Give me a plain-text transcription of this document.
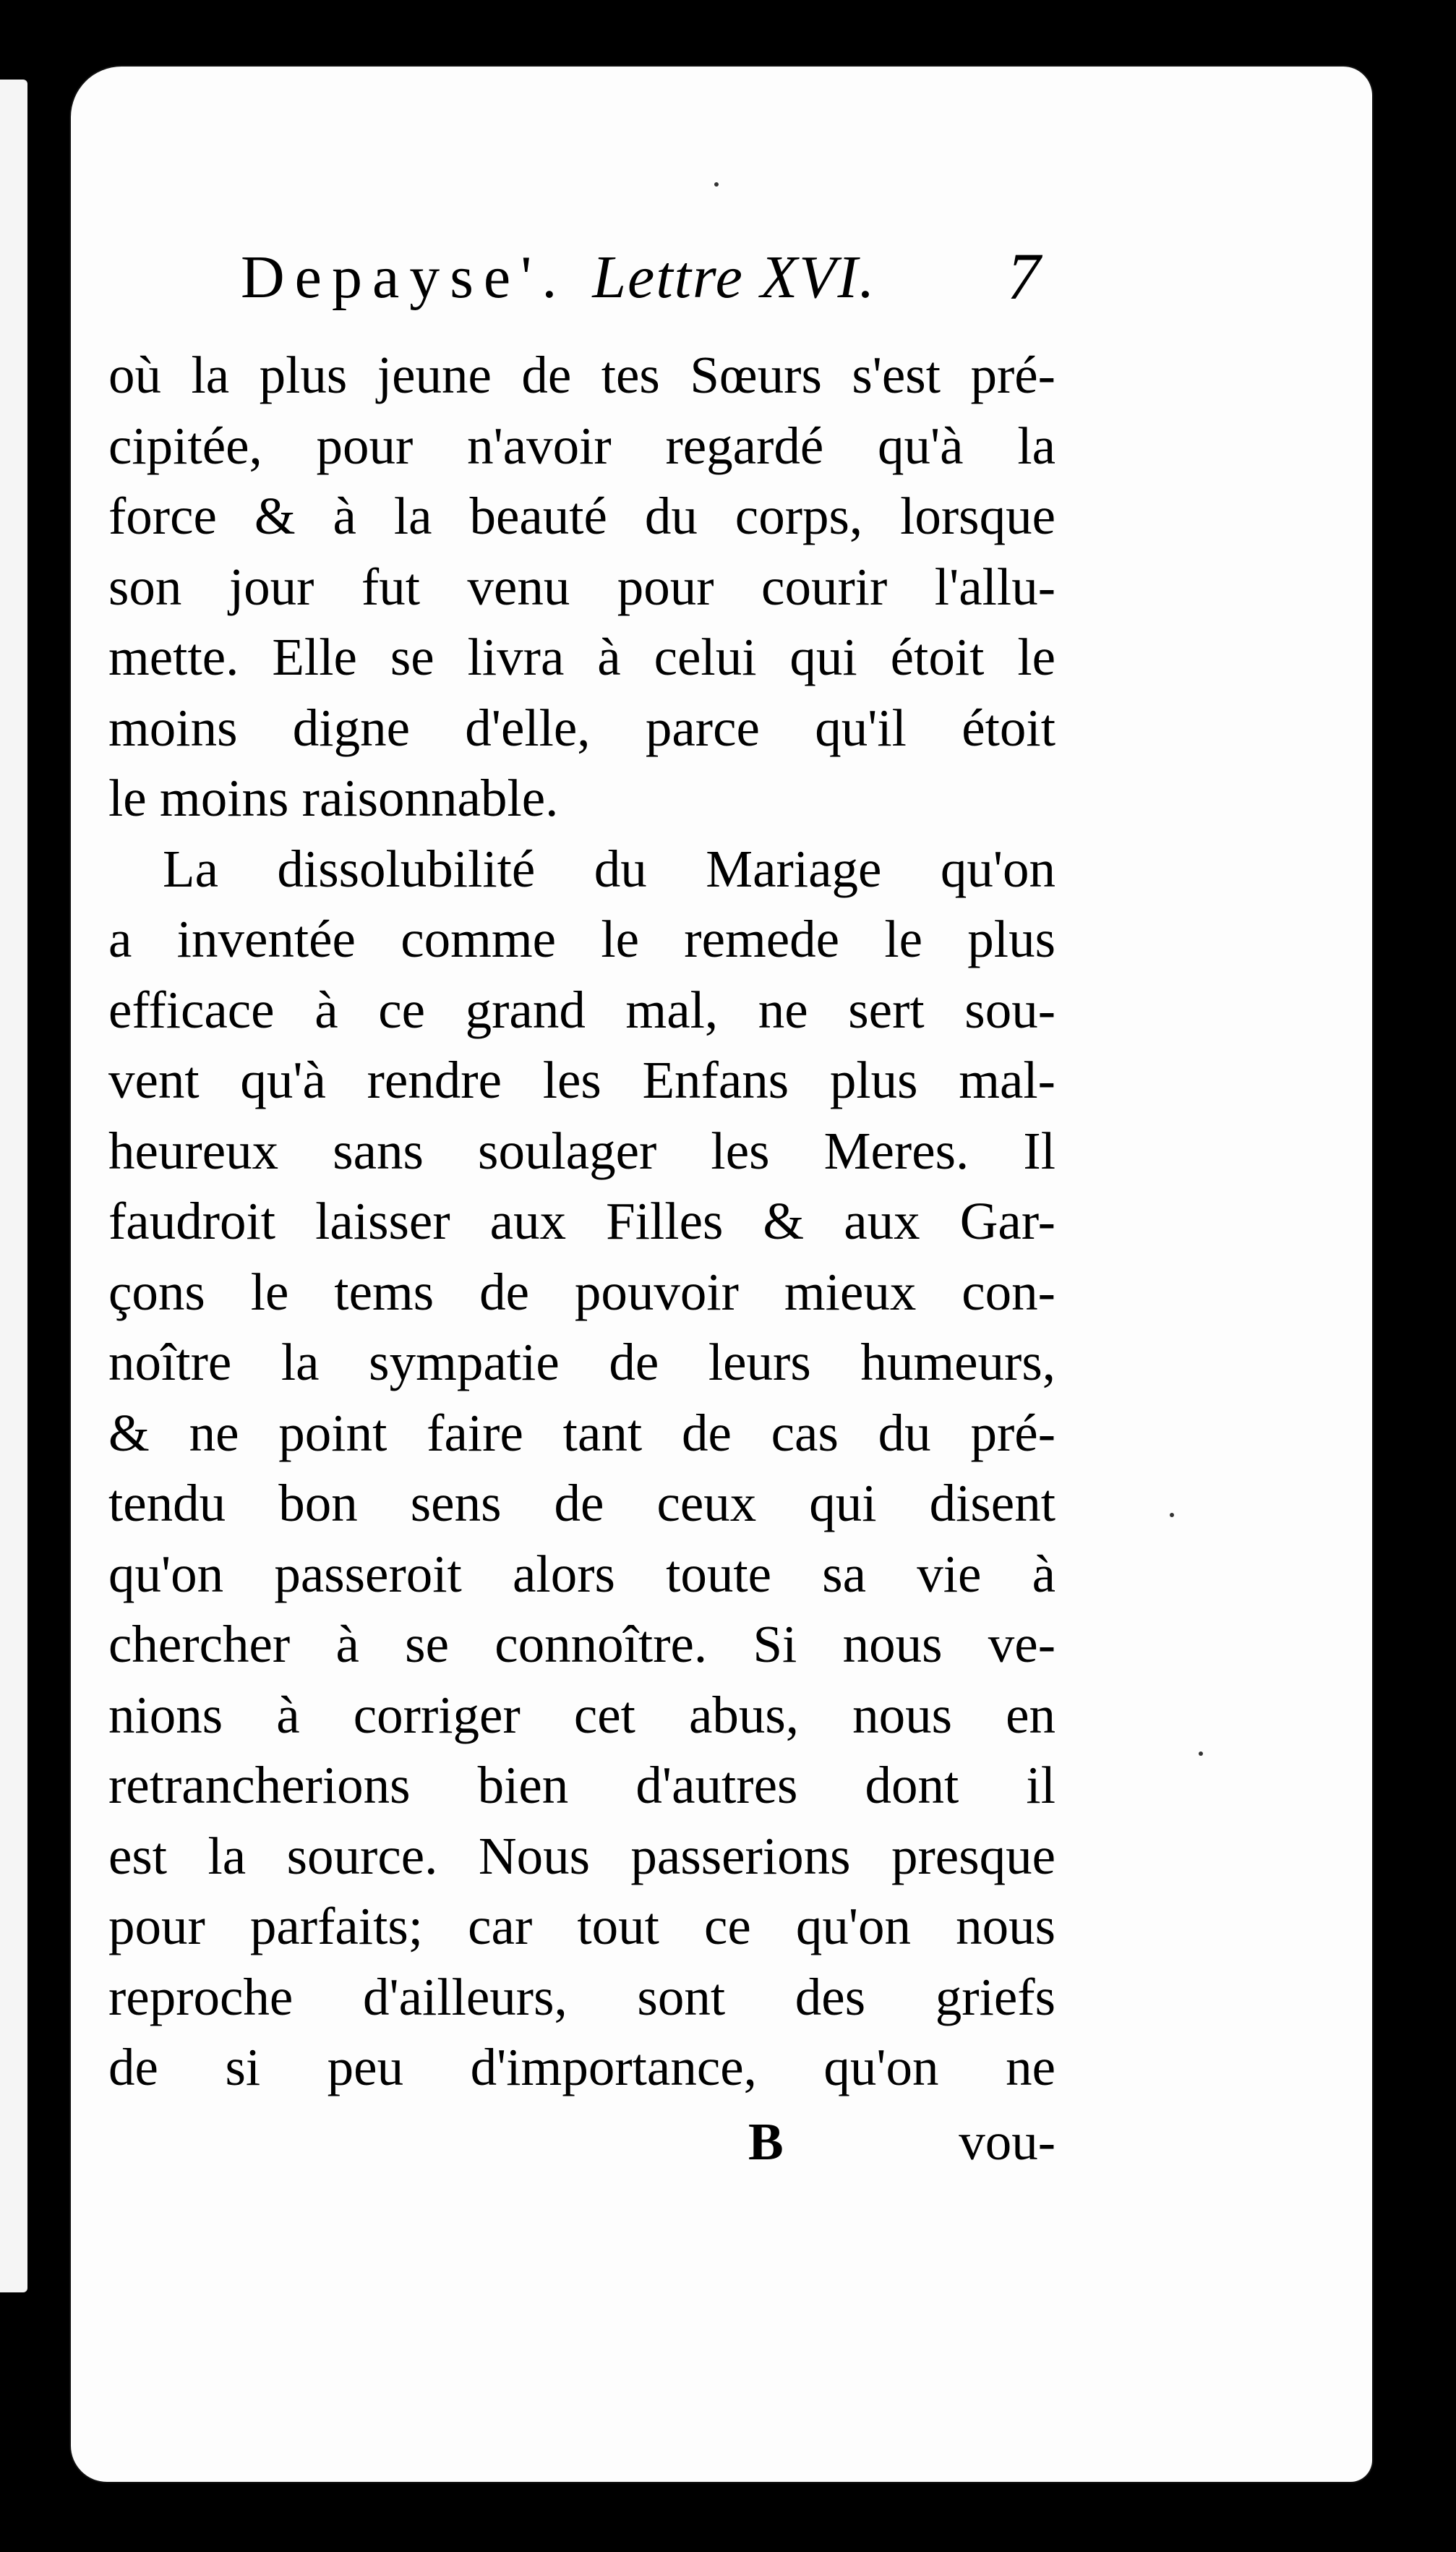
Depayse'. Lettre XVI. 7
où la plus jeune de tes Sœurs s'est pré-
cipitée, pour n'avoir regardé qu'à la
force & à la beauté du corps, lorsque
son jour fut venu pour courir l'allu-
mette. Elle se livra à celui qui étoit le
moins digne d'elle, parce qu'il étoit
le moins raisonnable.
La dissolubilité du Mariage qu'on
a inventée comme le remede le plus
efficace à ce grand mal, ne sert sou-
vent qu'à rendre les Enfans plus mal-
heureux sans soulager les Meres. Il
faudroit laisser aux Filles & aux Gar-
çons le tems de pouvoir mieux con-
noître la sympatie de leurs humeurs,
& ne point faire tant de cas du pré-
tendu bon sens de ceux qui disent
qu'on passeroit alors toute sa vie à
chercher à se connoître. Si nous ve-
nions à corriger cet abus, nous en
retrancherions bien d'autres dont il
est la source. Nous passerions presque
pour parfaits; car tout ce qu'on nous
reproche d'ailleurs, sont des griefs
de si peu d'importance, qu'on ne
B	vou-
